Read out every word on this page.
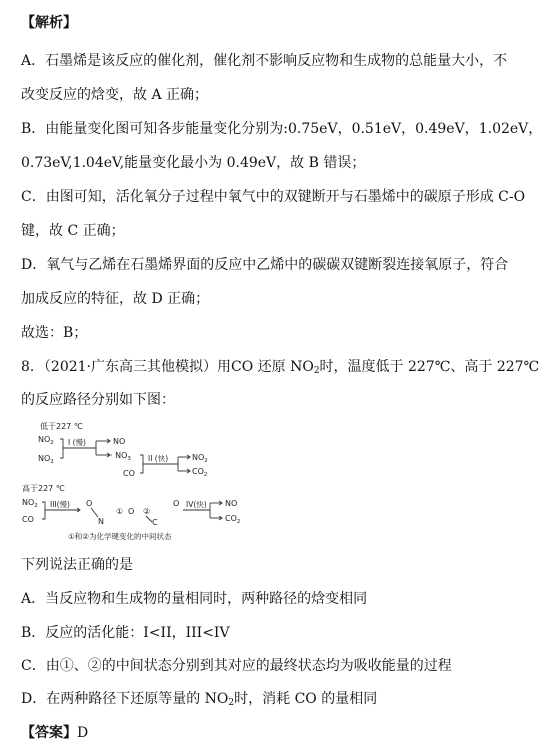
【解析】
A．石墨烯是该反应的催化剂，催化剂不影响反应物和生成物的总能量大小，不
改变反应的焓变，故 A 正确；
B．由能量变化图可知各步能量变化分别为:0.75eV，0.51eV，0.49eV，1.02eV，
0.73eV,1.04eV,能量变化最小为 0.49eV，故 B 错误；
C．由图可知，活化氧分子过程中氧气中的双键断开与石墨烯中的碳原子形成 C-O
键，故 C 正确；
D．氧气与乙烯在石墨烯界面的反应中乙烯中的碳碳双键断裂连接氧原子，符合
加成反应的特征，故 D 正确；
故选：B；
8．（2021·广东高三其他模拟）用CO 还原 $NO_2$时，温度低于 227℃、高于 227℃
的反应路径分别如下图：
低于227 ℃
$NO_2$
$NO_2$
I (慢)	NO
· $NO_3$
CO
II (快)	$NO_2$
$CO_2$
高于227 ℃
$NO_2$
CO
III(慢) O
N
① O ②
C
O IV(快) NO
$CO_2$
①和②为化学键变化的中间状态
下列说法正确的是
A．当反应物和生成物的量相同时，两种路径的焓变相同
B．反应的活化能：I<II，III<IV
C．由①、②的中间状态分别到其对应的最终状态均为吸收能量的过程
D．在两种路径下还原等量的 $NO_2$时，消耗 CO 的量相同
【答案】D
